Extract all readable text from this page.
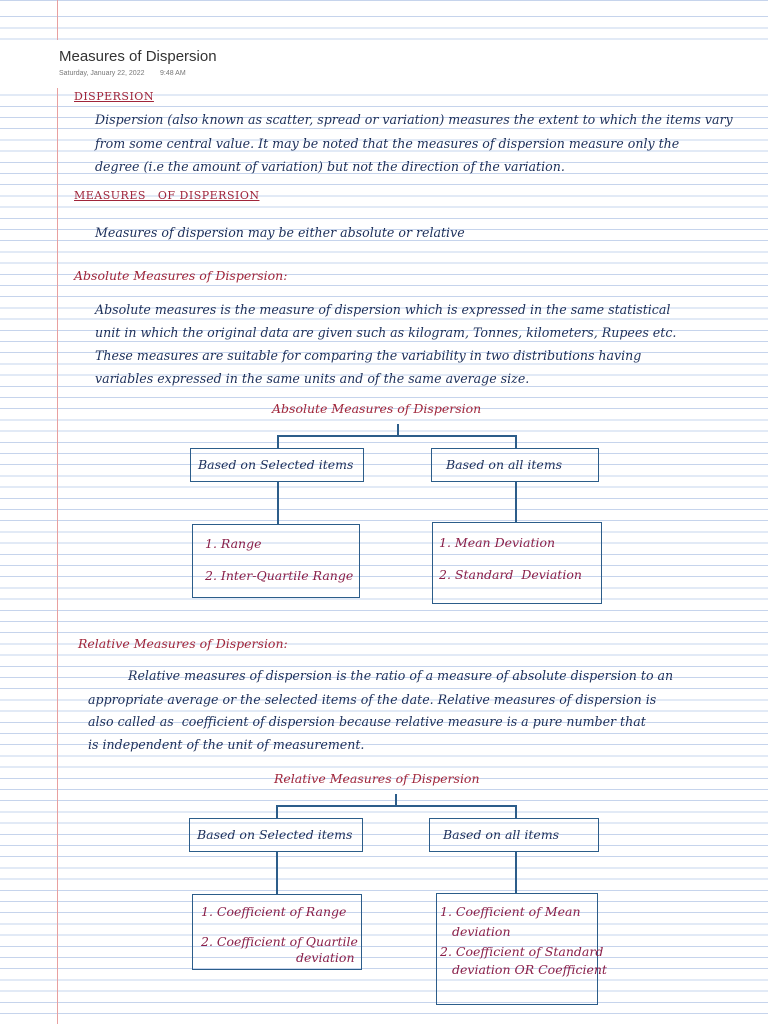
Measures of Dispersion
Saturday, January 22, 2022 9:48 AM
DISPERSION
Dispersion (also known as scatter, spread or variation) measures the extent to which the items vary
from some central value. It may be noted that the measures of dispersion measure only the
degree (i.e the amount of variation) but not the direction of the variation.
MEASURES   OF DISPERSION
Measures of dispersion may be either absolute or relative
Absolute Measures of Dispersion:
Absolute measures is the measure of dispersion which is expressed in the same statistical
unit in which the original data are given such as kilogram, Tonnes, kilometers, Rupees etc.
These measures are suitable for comparing the variability in two distributions having
variables expressed in the same units and of the same average size.
Absolute Measures of Dispersion
Based on Selected items	Based on all items
1. Range
2. Inter-Quartile Range
1. Mean Deviation
2. Standard  Deviation
Relative Measures of Dispersion:
Relative measures of dispersion is the ratio of a measure of absolute dispersion to an
appropriate average or the selected items of the date. Relative measures of dispersion is
also called as  coefficient of dispersion because relative measure is a pure number that
is independent of the unit of measurement.
Relative Measures of Dispersion
Based on Selected items	Based on all items
1. Coefficient of Range
2. Coefficient of Quartile
deviation
1. Coefficient of Mean
deviation
2. Coefficient of Standard
deviation OR Coefficient
